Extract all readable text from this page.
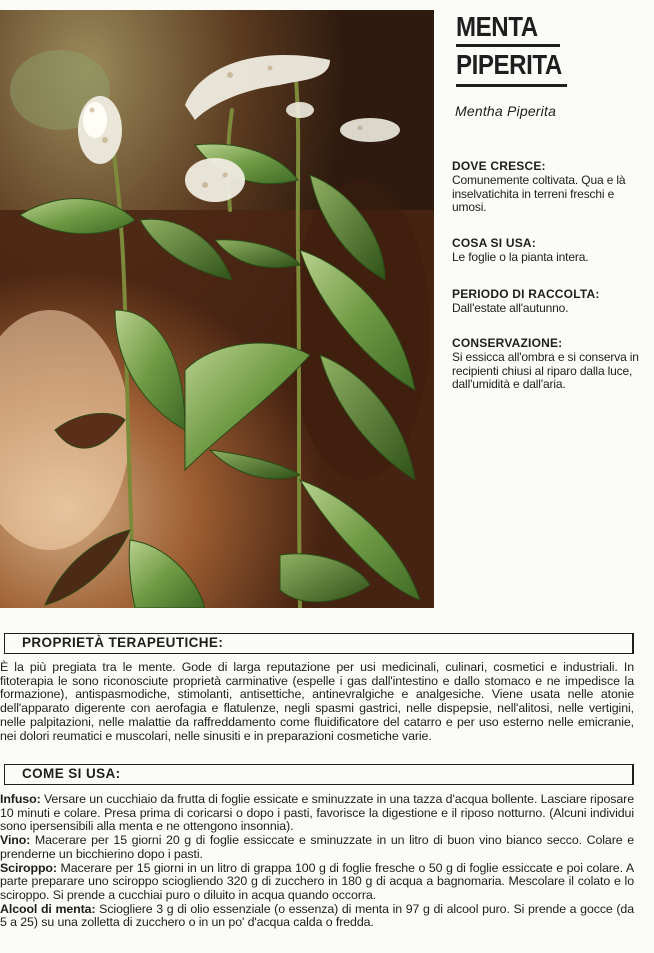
MENTA
PIPERITA
Mentha Piperita
DOVE CRESCE:

Comunemente coltivata. Qua e là inselvatichita in terreni freschi e umosi.

COSA SI USA:

Le foglie o la pianta intera.

PERIODO DI RACCOLTA:

Dall'estate all'autunno.

CONSERVAZIONE:

Si essicca all'ombra e si conserva in recipienti chiusi al riparo dalla luce, dall'umidità e dall'aria.

PROPRIETÀ TERAPEUTICHE:
È la più pregiata tra le mente. Gode di larga reputazione per usi medicinali, culinari, cosmetici e industriali. In fitoterapia le sono riconosciute proprietà carminative (espelle i gas dall'intestino e dallo stomaco e ne impedisce la formazione), antispasmodiche, stimolanti, antisettiche, antinevralgiche e analgesiche. Viene usata nelle atonie dell'apparato digerente con aerofagia e flatulenze, negli spasmi gastrici, nelle dispepsie, nell'alitosi, nelle vertigini, nelle palpitazioni, nelle malattie da raffreddamento come fluidificatore del catarro e per uso esterno nelle emicranie, nei dolori reumatici e muscolari, nelle sinusiti e in preparazioni cosmetiche varie.
COME SI USA:
Infuso: Versare un cucchiaio da frutta di foglie essicate e sminuzzate in una tazza d'acqua bollente. Lasciare riposare 10 minuti e colare. Presa prima di coricarsi o dopo i pasti, favorisce la digestione e il riposo notturno. (Alcuni individui sono ipersensibili alla menta e ne ottengono insonnia).
Vino: Macerare per 15 giorni 20 g di foglie essiccate e sminuzzate in un litro di buon vino bianco secco. Colare e prenderne un bicchierino dopo i pasti.
Sciroppo: Macerare per 15 giorni in un litro di grappa 100 g di foglie fresche o 50 g di foglie essiccate e poi colare. A parte preparare uno sciroppo sciogliendo 320 g di zucchero in 180 g di acqua a bagnomaria. Mescolare il colato e lo sciroppo. Si prende a cucchiai puro o diluito in acqua quando occorra.
Alcool di menta: Sciogliere 3 g di olio essenziale (o essenza) di menta in 97 g di alcool puro. Si prende a gocce (da 5 a 25) su una zolletta di zucchero o in un po' d'acqua calda o fredda.
